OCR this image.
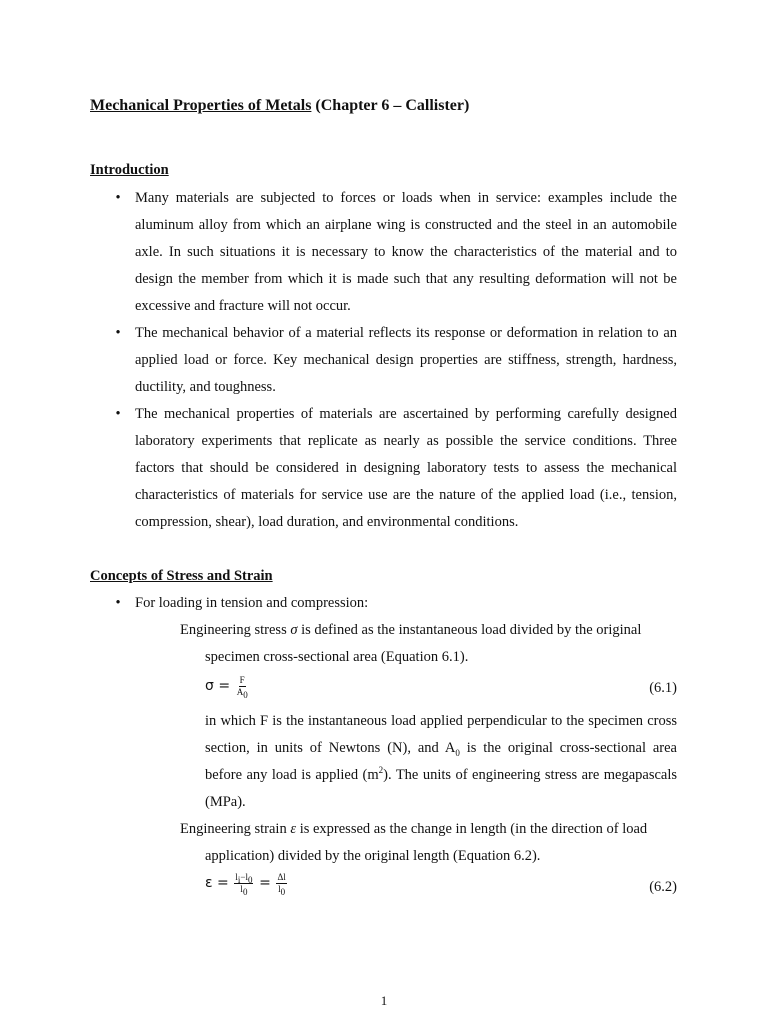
Mechanical Properties of Metals (Chapter 6 – Callister)
Introduction
• Many materials are subjected to forces or loads when in service: examples include the aluminum alloy from which an airplane wing is constructed and the steel in an automobile axle. In such situations it is necessary to know the characteristics of the material and to design the member from which it is made such that any resulting deformation will not be excessive and fracture will not occur.
• The mechanical behavior of a material reflects its response or deformation in relation to an applied load or force. Key mechanical design properties are stiffness, strength, hardness, ductility, and toughness.
• The mechanical properties of materials are ascertained by performing carefully designed laboratory experiments that replicate as nearly as possible the service conditions. Three factors that should be considered in designing laboratory tests to assess the mechanical characteristics of materials for service use are the nature of the applied load (i.e., tension, compression, shear), load duration, and environmental conditions.
Concepts of Stress and Strain
• For loading in tension and compression:
Engineering stress σ is defined as the instantaneous load divided by the original
specimen cross-sectional area (Equation 6.1).
$\sigma = \frac{F}{A_0}$	(6.1)
in which F is the instantaneous load applied perpendicular to the specimen cross section, in units of Newtons (N), and $A_0$ is the original cross-sectional area before any load is applied $(m^2)$. The units of engineering stress are megapascals (MPa).
Engineering strain ε is expressed as the change in length (in the direction of load
application) divided by the original length (Equation 6.2).
$\varepsilon = \frac{l_i-l_0}{l_0} = \frac{\Delta l}{l_0}$	(6.2)
1
